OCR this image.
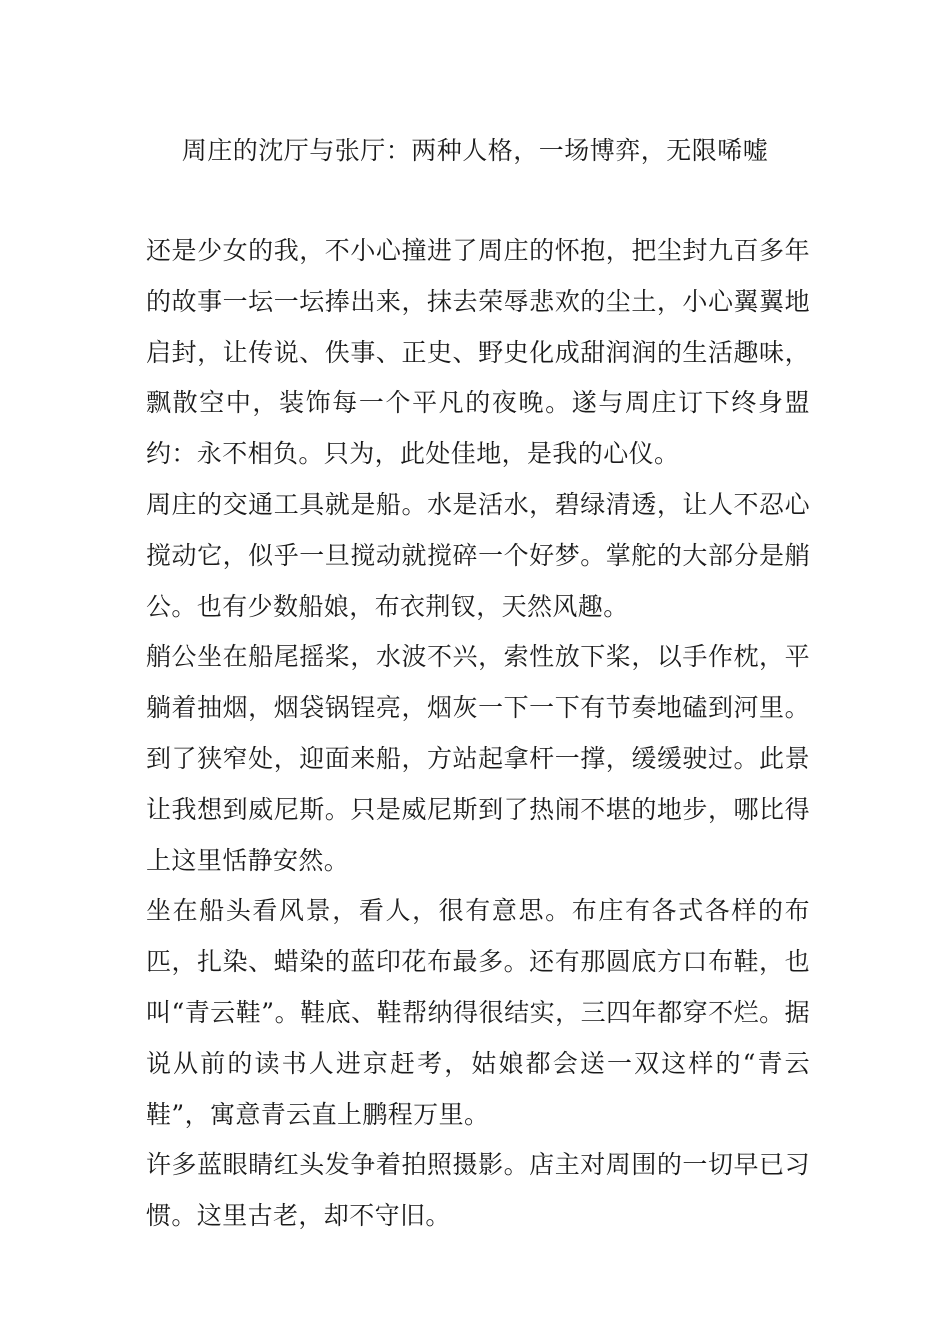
周庄的沈厅与张厅：两种人格，一场博弈，无限唏嘘

还是少女的我，不小心撞进了周庄的怀抱，把尘封九百多年的故事一坛一坛捧出来，抹去荣辱悲欢的尘土，小心翼翼地启封，让传说、佚事、正史、野史化成甜润润的生活趣味，飘散空中，装饰每一个平凡的夜晚。遂与周庄订下终身盟约：永不相负。只为，此处佳地，是我的心仪。

周庄的交通工具就是船。水是活水，碧绿清透，让人不忍心搅动它，似乎一旦搅动就搅碎一个好梦。掌舵的大部分是艄公。也有少数船娘，布衣荆钗，天然风趣。

艄公坐在船尾摇桨，水波不兴，索性放下桨，以手作枕，平躺着抽烟，烟袋锅锃亮，烟灰一下一下有节奏地磕到河里。到了狭窄处，迎面来船，方站起拿杆一撑，缓缓驶过。此景让我想到威尼斯。只是威尼斯到了热闹不堪的地步，哪比得上这里恬静安然。

坐在船头看风景，看人，很有意思。布庄有各式各样的布匹，扎染、蜡染的蓝印花布最多。还有那圆底方口布鞋，也叫“青云鞋”。鞋底、鞋帮纳得很结实，三四年都穿不烂。据说从前的读书人进京赶考，姑娘都会送一双这样的“青云鞋”，寓意青云直上鹏程万里。

许多蓝眼睛红头发争着拍照摄影。店主对周围的一切早已习惯。这里古老，却不守旧。
